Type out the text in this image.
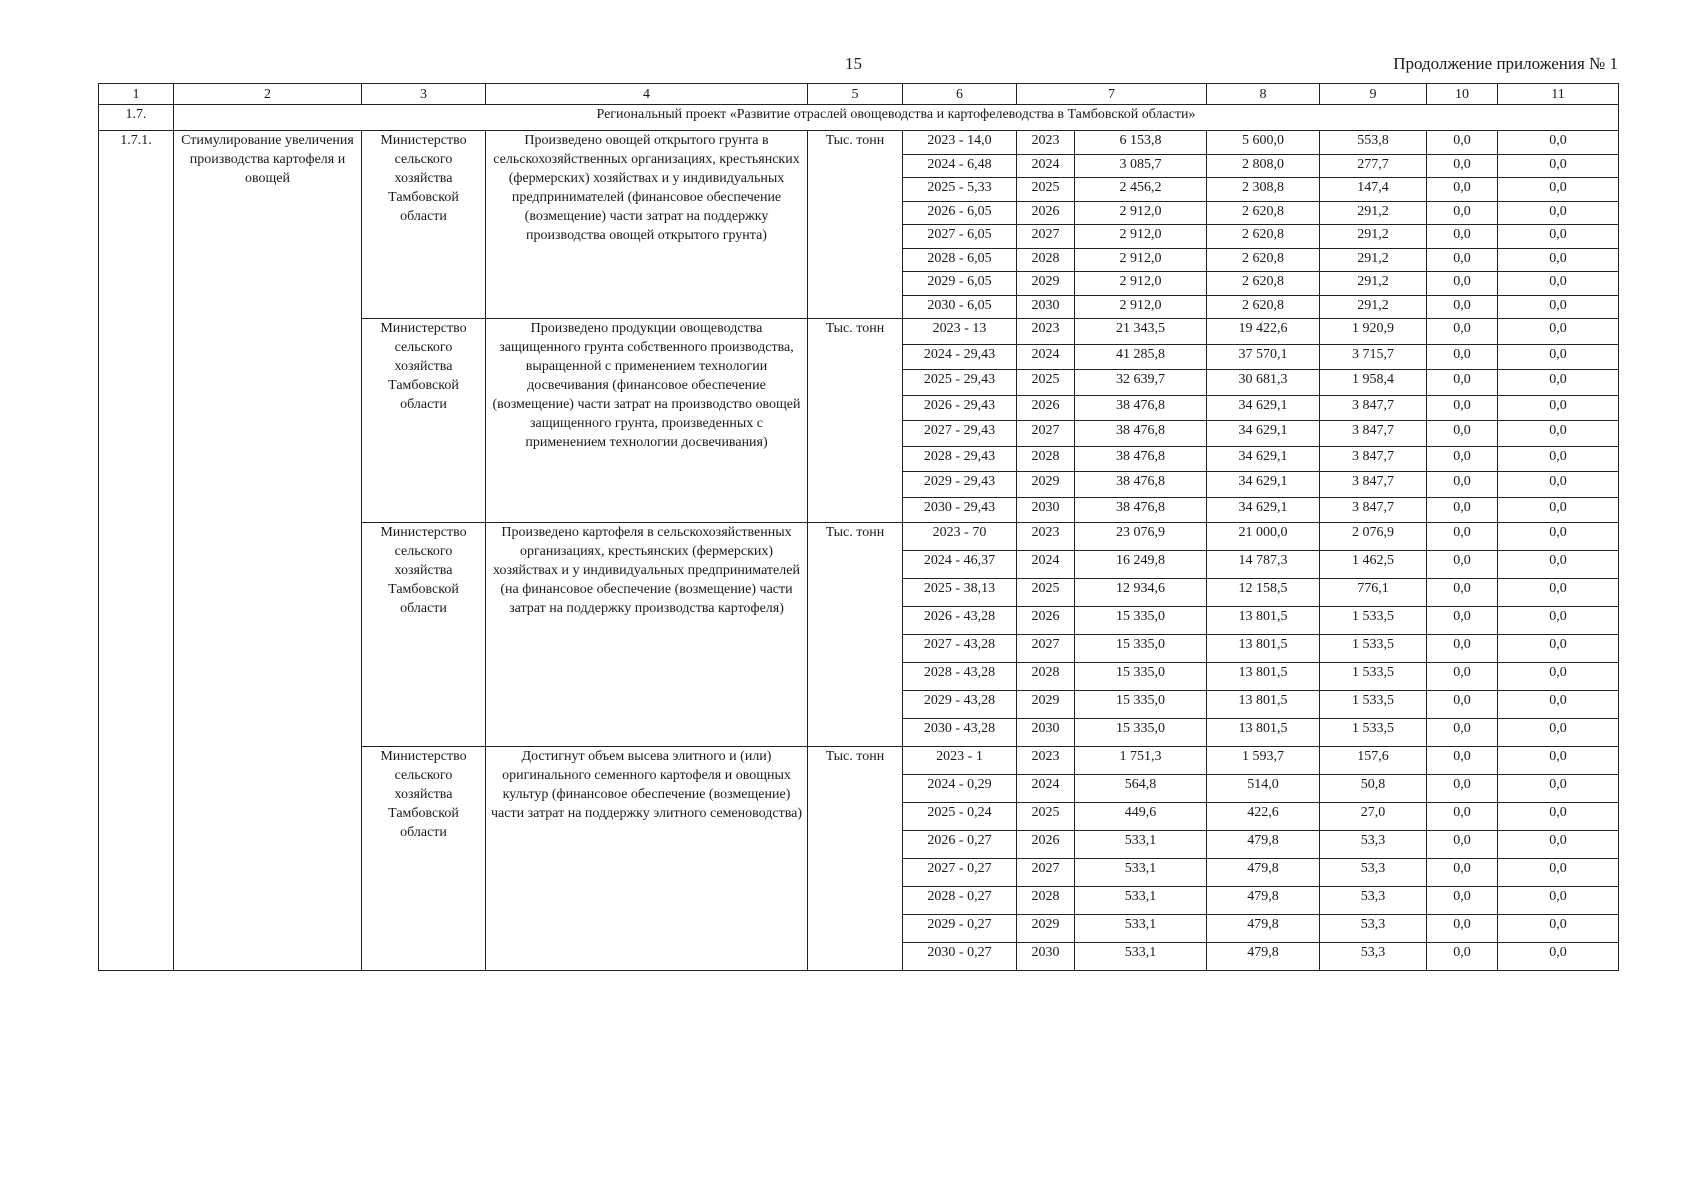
15	Продолжение приложения № 1
1	2	3	4	5	6	7		8	9	10	11
1.7.	Региональный проект «Развитие отраслей овощеводства и картофелеводства в Тамбовской области»										
1.7.1.	Стимулирование увеличения производства картофеля и овощей	Министерство сельского хозяйства Тамбовской области	Произведено овощей открытого грунта в сельскохозяйственных организациях, крестьянских (фермерских) хозяйствах и у индивидуальных предпринимателей (финансовое обеспечение (возмещение) части затрат на поддержку производства овощей открытого грунта)	Тыс. тонн	2023 - 14,0	2023	6 153,8	5 600,0	553,8	0,0	0,0
					2024 - 6,48	2024	3 085,7	2 808,0	277,7	0,0	0,0
					2025 - 5,33	2025	2 456,2	2 308,8	147,4	0,0	0,0
					2026 - 6,05	2026	2 912,0	2 620,8	291,2	0,0	0,0
					2027 - 6,05	2027	2 912,0	2 620,8	291,2	0,0	0,0
					2028 - 6,05	2028	2 912,0	2 620,8	291,2	0,0	0,0
					2029 - 6,05	2029	2 912,0	2 620,8	291,2	0,0	0,0
					2030 - 6,05	2030	2 912,0	2 620,8	291,2	0,0	0,0
		Министерство сельского хозяйства Тамбовской области	Произведено продукции овощеводства защищенного грунта собственного производства, выращенной с применением технологии досвечивания (финансовое обеспечение (возмещение) части затрат на производство овощей защищенного грунта, произведенных с применением технологии досвечивания)	Тыс. тонн	2023 - 13	2023	21 343,5	19 422,6	1 920,9	0,0	0,0
					2024 - 29,43	2024	41 285,8	37 570,1	3 715,7	0,0	0,0
					2025 - 29,43	2025	32 639,7	30 681,3	1 958,4	0,0	0,0
					2026 - 29,43	2026	38 476,8	34 629,1	3 847,7	0,0	0,0
					2027 - 29,43	2027	38 476,8	34 629,1	3 847,7	0,0	0,0
					2028 - 29,43	2028	38 476,8	34 629,1	3 847,7	0,0	0,0
					2029 - 29,43	2029	38 476,8	34 629,1	3 847,7	0,0	0,0
					2030 - 29,43	2030	38 476,8	34 629,1	3 847,7	0,0	0,0
		Министерство сельского хозяйства Тамбовской области	Произведено картофеля в сельскохозяйственных организациях, крестьянских (фермерских) хозяйствах и у индивидуальных предпринимателей (на финансовое обеспечение (возмещение) части затрат на поддержку производства картофеля)	Тыс. тонн	2023 - 70	2023	23 076,9	21 000,0	2 076,9	0,0	0,0
					2024 - 46,37	2024	16 249,8	14 787,3	1 462,5	0,0	0,0
					2025 - 38,13	2025	12 934,6	12 158,5	776,1	0,0	0,0
					2026 - 43,28	2026	15 335,0	13 801,5	1 533,5	0,0	0,0
					2027 - 43,28	2027	15 335,0	13 801,5	1 533,5	0,0	0,0
					2028 - 43,28	2028	15 335,0	13 801,5	1 533,5	0,0	0,0
					2029 - 43,28	2029	15 335,0	13 801,5	1 533,5	0,0	0,0
					2030 - 43,28	2030	15 335,0	13 801,5	1 533,5	0,0	0,0
		Министерство сельского хозяйства Тамбовской области	Достигнут объем высева элитного и (или) оригинального семенного картофеля и овощных культур (финансовое обеспечение (возмещение) части затрат на поддержку элитного семеноводства)	Тыс. тонн	2023 - 1	2023	1 751,3	1 593,7	157,6	0,0	0,0
					2024 - 0,29	2024	564,8	514,0	50,8	0,0	0,0
					2025 - 0,24	2025	449,6	422,6	27,0	0,0	0,0
					2026 - 0,27	2026	533,1	479,8	53,3	0,0	0,0
					2027 - 0,27	2027	533,1	479,8	53,3	0,0	0,0
					2028 - 0,27	2028	533,1	479,8	53,3	0,0	0,0
					2029 - 0,27	2029	533,1	479,8	53,3	0,0	0,0
					2030 - 0,27	2030	533,1	479,8	53,3	0,0	0,0
